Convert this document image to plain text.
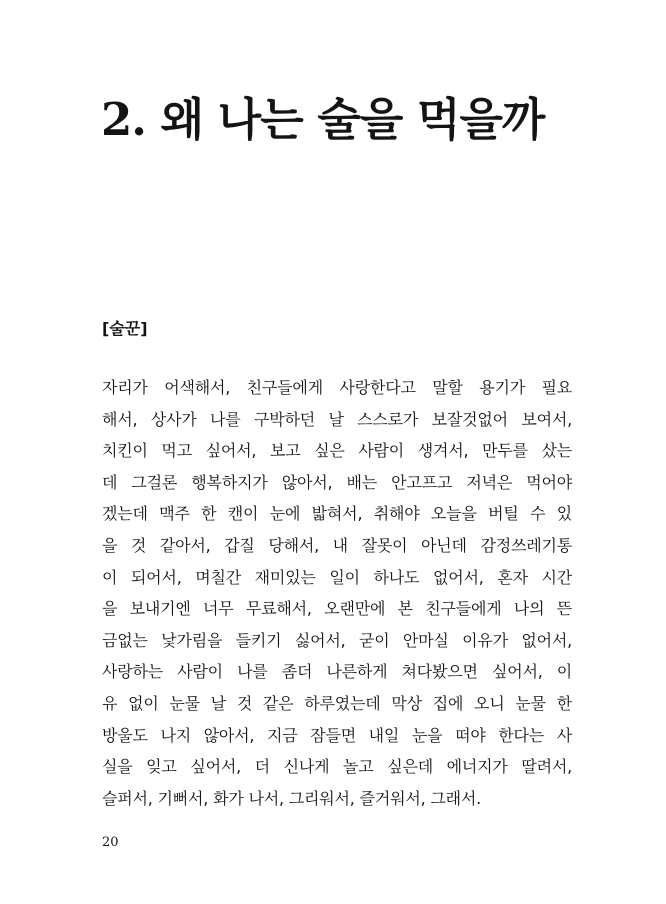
2. 왜 나는 술을 먹을까
[술꾼]
자리가 어색해서, 친구들에게 사랑한다고 말할 용기가 필요
해서, 상사가 나를 구박하던 날 스스로가 보잘것없어 보여서,
치킨이 먹고 싶어서, 보고 싶은 사람이 생겨서, 만두를 샀는
데 그걸론 행복하지가 않아서, 배는 안고프고 저녁은 먹어야
겠는데 맥주 한 캔이 눈에 밟혀서, 취해야 오늘을 버틸 수 있
을 것 같아서, 갑질 당해서, 내 잘못이 아닌데 감정쓰레기통
이 되어서, 며칠간 재미있는 일이 하나도 없어서, 혼자 시간
을 보내기엔 너무 무료해서, 오랜만에 본 친구들에게 나의 뜬
금없는 낯가림을 들키기 싫어서, 굳이 안마실 이유가 없어서,
사랑하는 사람이 나를 좀더 나른하게 쳐다봤으면 싶어서, 이
유 없이 눈물 날 것 같은 하루였는데 막상 집에 오니 눈물 한
방울도 나지 않아서, 지금 잠들면 내일 눈을 떠야 한다는 사
실을 잊고 싶어서, 더 신나게 놀고 싶은데 에너지가 딸려서,
슬퍼서, 기뻐서, 화가 나서, 그리워서, 즐거워서, 그래서.
20
